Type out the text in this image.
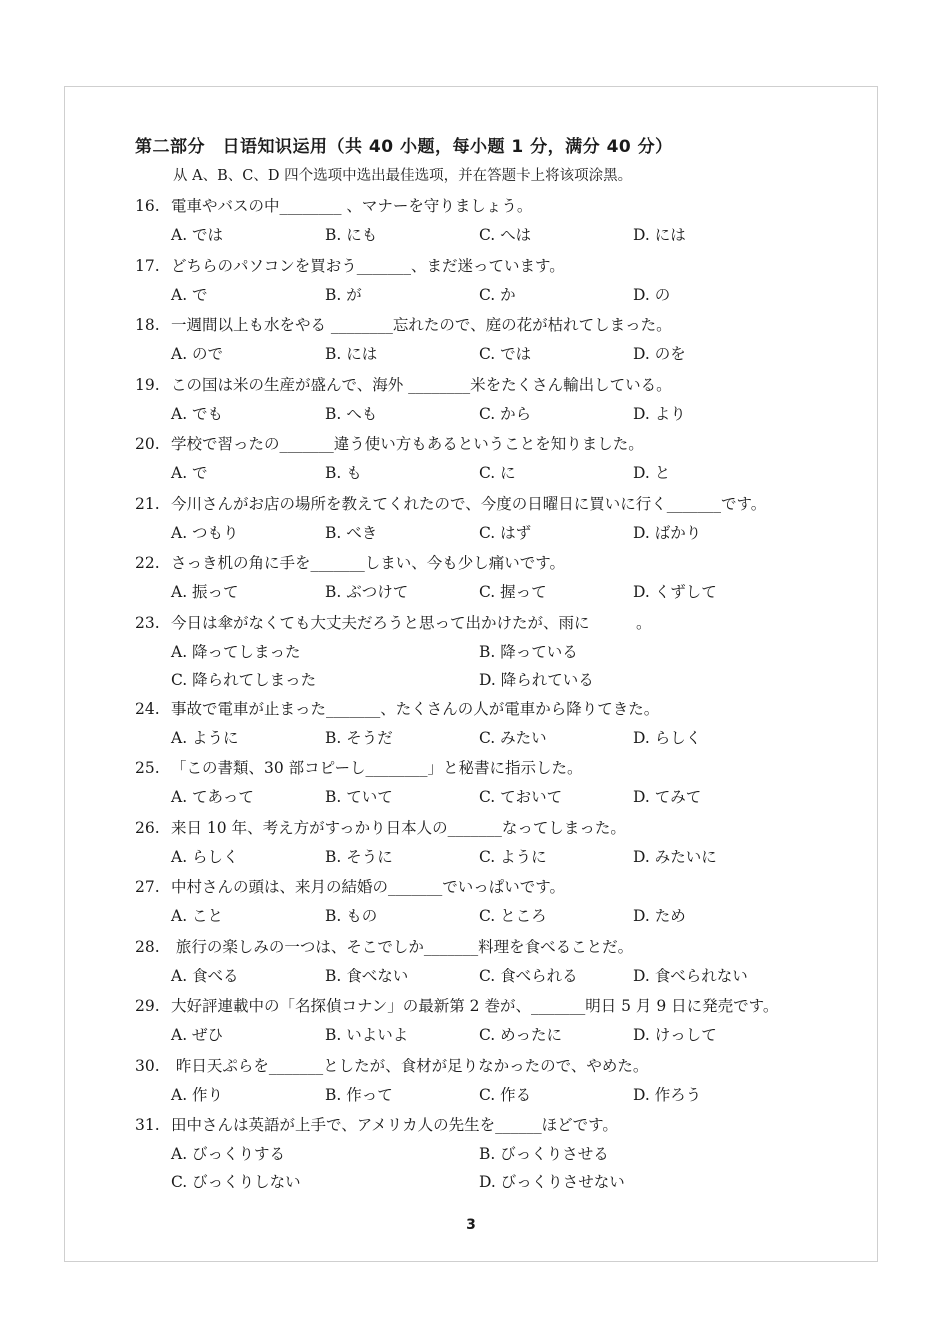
第二部分　日语知识运用（共 40 小题，每小题 1 分，满分 40 分）
从 A、B、C、D 四个选项中选出最佳选项，并在答题卡上将该项涂黑。
16. 電車やバスの中________ 、マナーを守りましょう。
A. では	B. にも	C. へは	D. には
17. どちらのパソコンを買おう_______、まだ迷っています。
A. で	B. が	C. か	D. の
18. 一週間以上も水をやる ________忘れたので、庭の花が枯れてしまった。
A. ので	B. には	C. では	D. のを
19. この国は米の生産が盛んで、海外 ________米をたくさん輸出している。
A. でも	B. へも	C. から	D. より
20. 学校で習ったの_______違う使い方もあるということを知りました。
A. で	B. も	C. に	D. と
21. 今川さんがお店の場所を教えてくれたので、今度の日曜日に買いに行く_______です。
A. つもり	B. べき	C. はず	D. ばかり
22. さっき机の角に手を_______しまい、今も少し痛いです。
A. 振って	B. ぶつけて	C. 握って	D. くずして
23. 今日は傘がなくても大丈夫だろうと思って出かけたが、雨に　　　。
A. 降ってしまった	B. 降っている
C. 降られてしまった	D. 降られている
24. 事故で電車が止まった_______、たくさんの人が電車から降りてきた。
A. ように	B. そうだ	C. みたい	D. らしく
25. 「この書類、30 部コピーし________」と秘書に指示した。
A. てあって	B. ていて	C. ておいて	D. てみて
26. 来日 10 年、考え方がすっかり日本人の_______なってしまった。
A. らしく	B. そうに	C. ように	D. みたいに
27. 中村さんの頭は、来月の結婚の_______でいっぱいです。
A. こと	B. もの	C. ところ	D. ため
28. 旅行の楽しみの一つは、そこでしか_______料理を食べることだ。
A. 食べる	B. 食べない	C. 食べられる	D. 食べられない
29. 大好評連載中の「名探偵コナン」の最新第 2 巻が、_______明日 5 月 9 日に発売です。
A. ぜひ	B. いよいよ	C. めったに	D. けっして
30. 昨日天ぷらを_______としたが、食材が足りなかったので、やめた。
A. 作り	B. 作って	C. 作る	D. 作ろう
31. 田中さんは英語が上手で、アメリカ人の先生を______ほどです。
A. びっくりする	B. びっくりさせる
C. びっくりしない	D. びっくりさせない
3
